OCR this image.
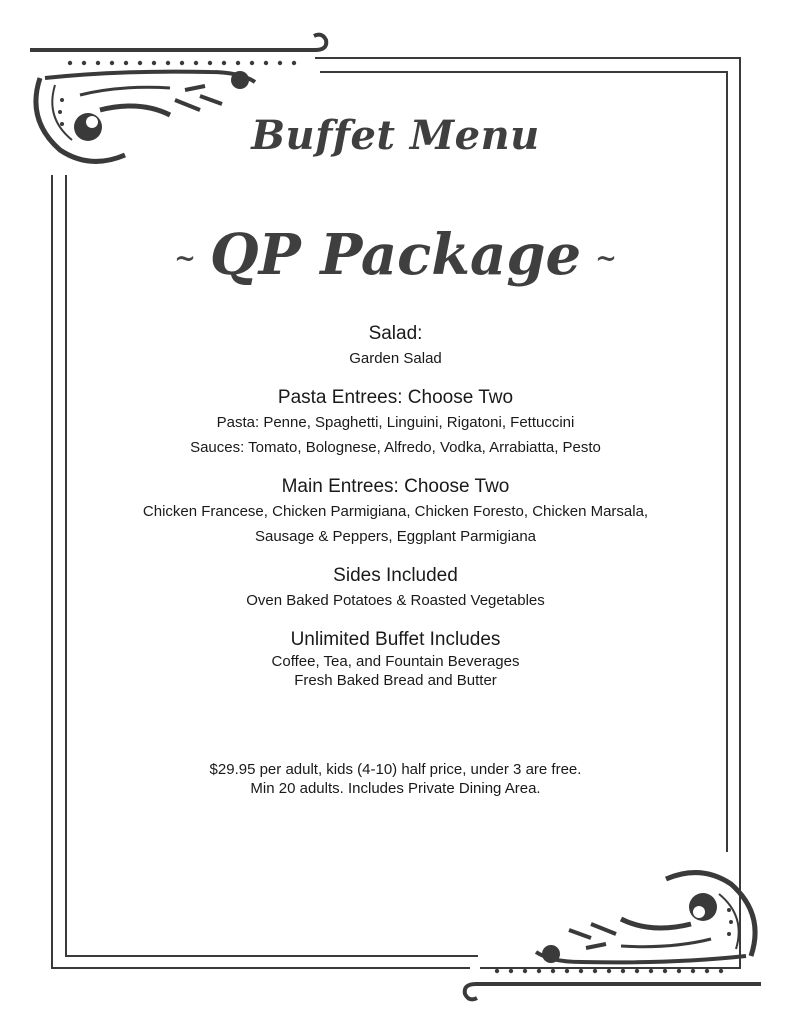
Buffet Menu
~ QP Package ~
Salad:

Garden Salad

Pasta Entrees: Choose Two

Pasta: Penne, Spaghetti, Linguini, Rigatoni, Fettuccini

Sauces: Tomato, Bolognese, Alfredo, Vodka, Arrabiatta, Pesto

Main Entrees: Choose Two

Chicken Francese, Chicken Parmigiana, Chicken Foresto, Chicken Marsala,

Sausage & Peppers, Eggplant Parmigiana

Sides Included

Oven Baked Potatoes & Roasted Vegetables

Unlimited Buffet Includes

Coffee, Tea, and Fountain Beverages

Fresh Baked Bread and Butter

$29.95 per adult, kids (4-10) half price, under 3 are free.

Min 20 adults. Includes Private Dining Area.
